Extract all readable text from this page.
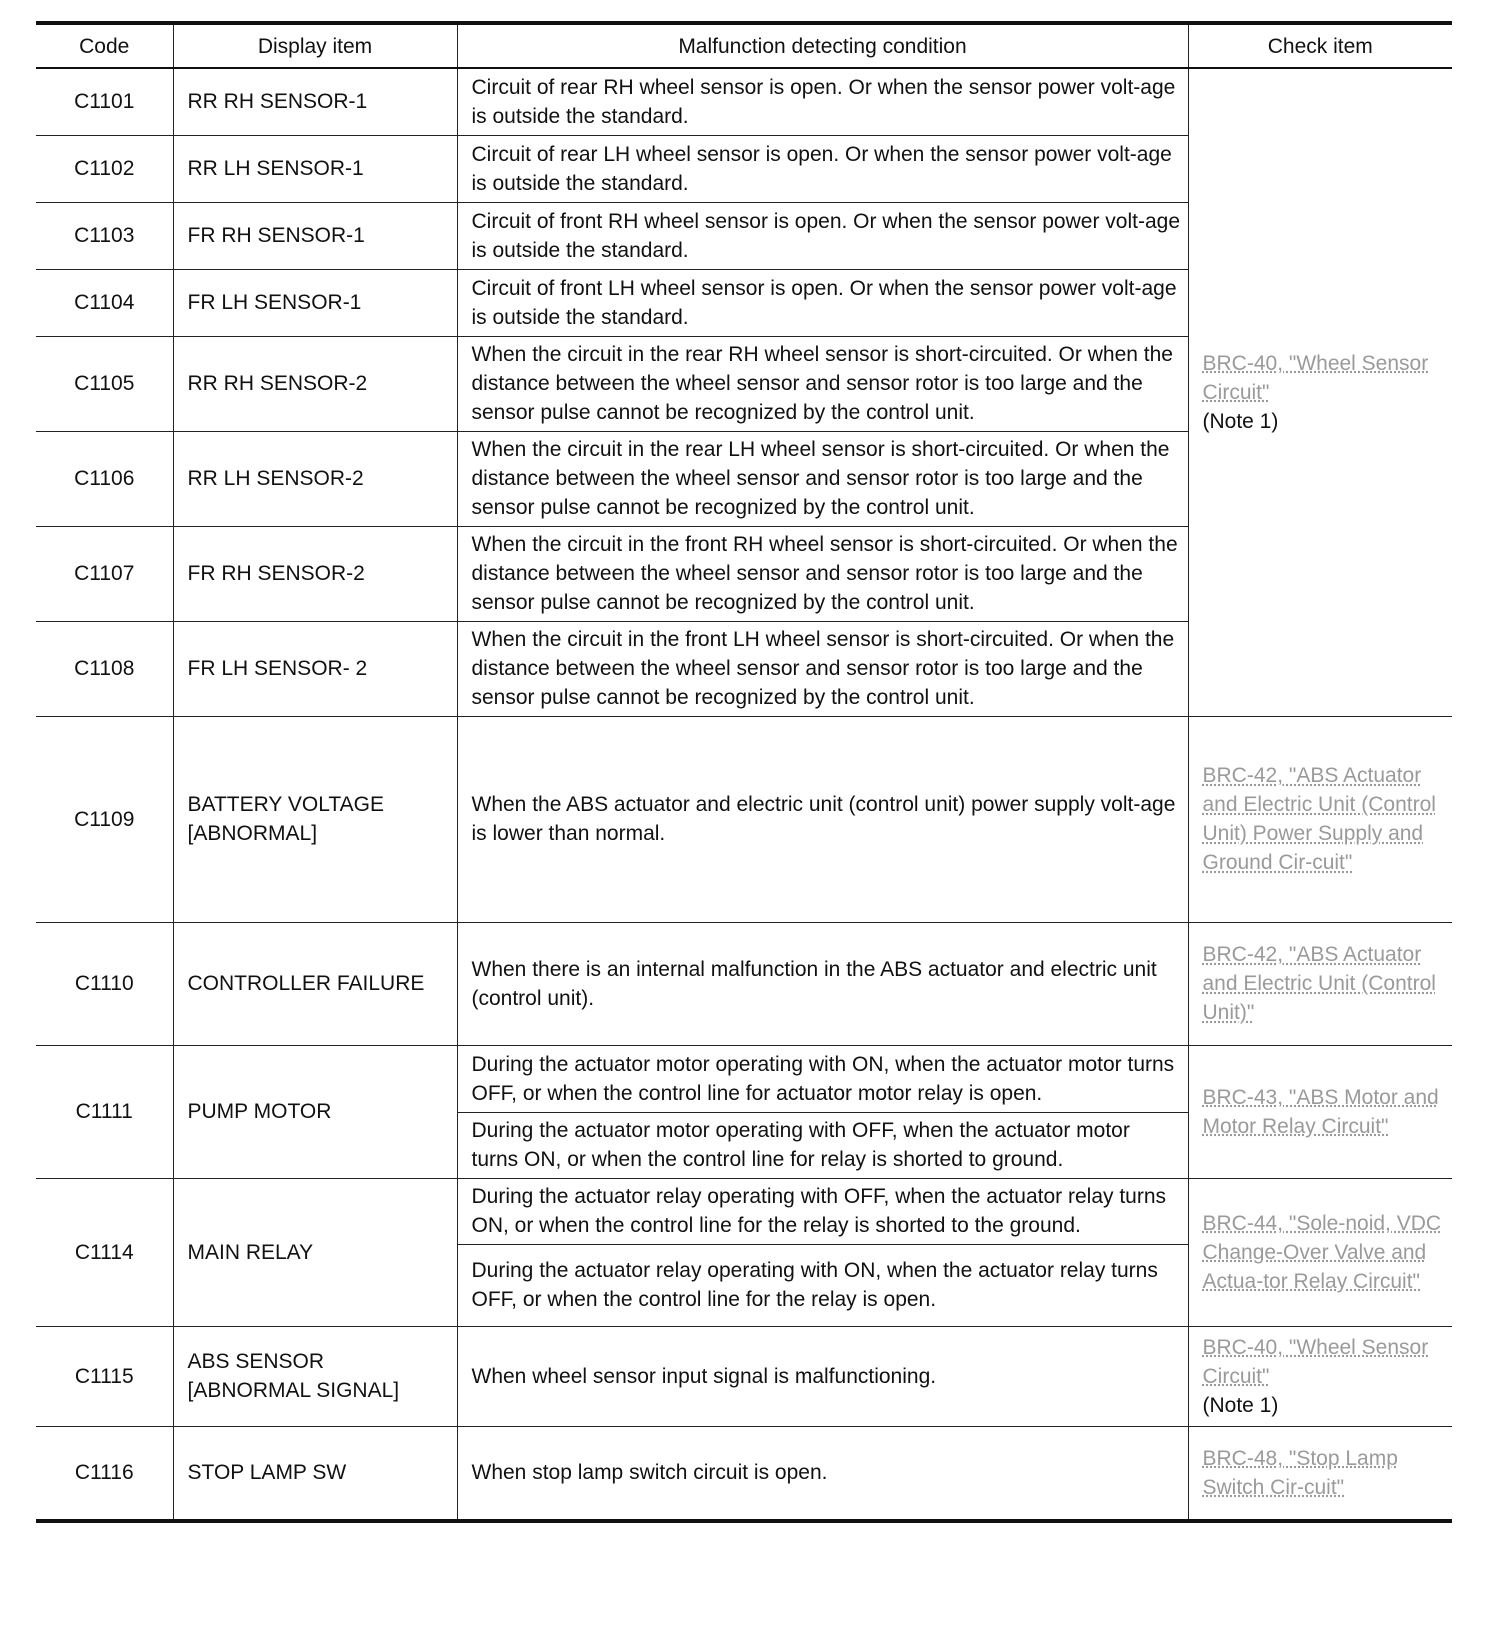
Code	Display item	Malfunction detecting condition	Check item
C1101	RR RH SENSOR-1	Circuit of rear RH wheel sensor is open. Or when the sensor power volt-age is outside the standard.	BRC-40, "Wheel Sensor Circuit"
(Note 1)
C1102	RR LH SENSOR-1	Circuit of rear LH wheel sensor is open. Or when the sensor power volt-age is outside the standard.	
C1103	FR RH SENSOR-1	Circuit of front RH wheel sensor is open. Or when the sensor power volt-age is outside the standard.	
C1104	FR LH SENSOR-1	Circuit of front LH wheel sensor is open. Or when the sensor power volt-age is outside the standard.	
C1105	RR RH SENSOR-2	When the circuit in the rear RH wheel sensor is short-circuited. Or when the distance between the wheel sensor and sensor rotor is too large and the sensor pulse cannot be recognized by the control unit.	
C1106	RR LH SENSOR-2	When the circuit in the rear LH wheel sensor is short-circuited. Or when the distance between the wheel sensor and sensor rotor is too large and the sensor pulse cannot be recognized by the control unit.	
C1107	FR RH SENSOR-2	When the circuit in the front RH wheel sensor is short-circuited. Or when the distance between the wheel sensor and sensor rotor is too large and the sensor pulse cannot be recognized by the control unit.	
C1108	FR LH SENSOR- 2	When the circuit in the front LH wheel sensor is short-circuited. Or when the distance between the wheel sensor and sensor rotor is too large and the sensor pulse cannot be recognized by the control unit.	
C1109	BATTERY VOLTAGE [ABNORMAL]	When the ABS actuator and electric unit (control unit) power supply volt-age is lower than normal.	BRC-42, "ABS Actuator and Electric Unit (Control Unit) Power Supply and Ground Cir-cuit"
C1110	CONTROLLER FAILURE	When there is an internal malfunction in the ABS actuator and electric unit (control unit).	BRC-42, "ABS Actuator and Electric Unit (Control Unit)"
C1111	PUMP MOTOR	During the actuator motor operating with ON, when the actuator motor turns OFF, or when the control line for actuator motor relay is open.	BRC-43, "ABS Motor and Motor Relay Circuit"
		During the actuator motor operating with OFF, when the actuator motor turns ON, or when the control line for relay is shorted to ground.	
C1114	MAIN RELAY	During the actuator relay operating with OFF, when the actuator relay turns ON, or when the control line for the relay is shorted to the ground.	BRC-44, "Sole-noid, VDC Change-Over Valve and Actua-tor Relay Circuit"
		During the actuator relay operating with ON, when the actuator relay turns OFF, or when the control line for the relay is open.	
C1115	ABS SENSOR [ABNORMAL SIGNAL]	When wheel sensor input signal is malfunctioning.	BRC-40, "Wheel Sensor Circuit"
(Note 1)
C1116	STOP LAMP SW	When stop lamp switch circuit is open.	BRC-48, "Stop Lamp Switch Cir-cuit"
